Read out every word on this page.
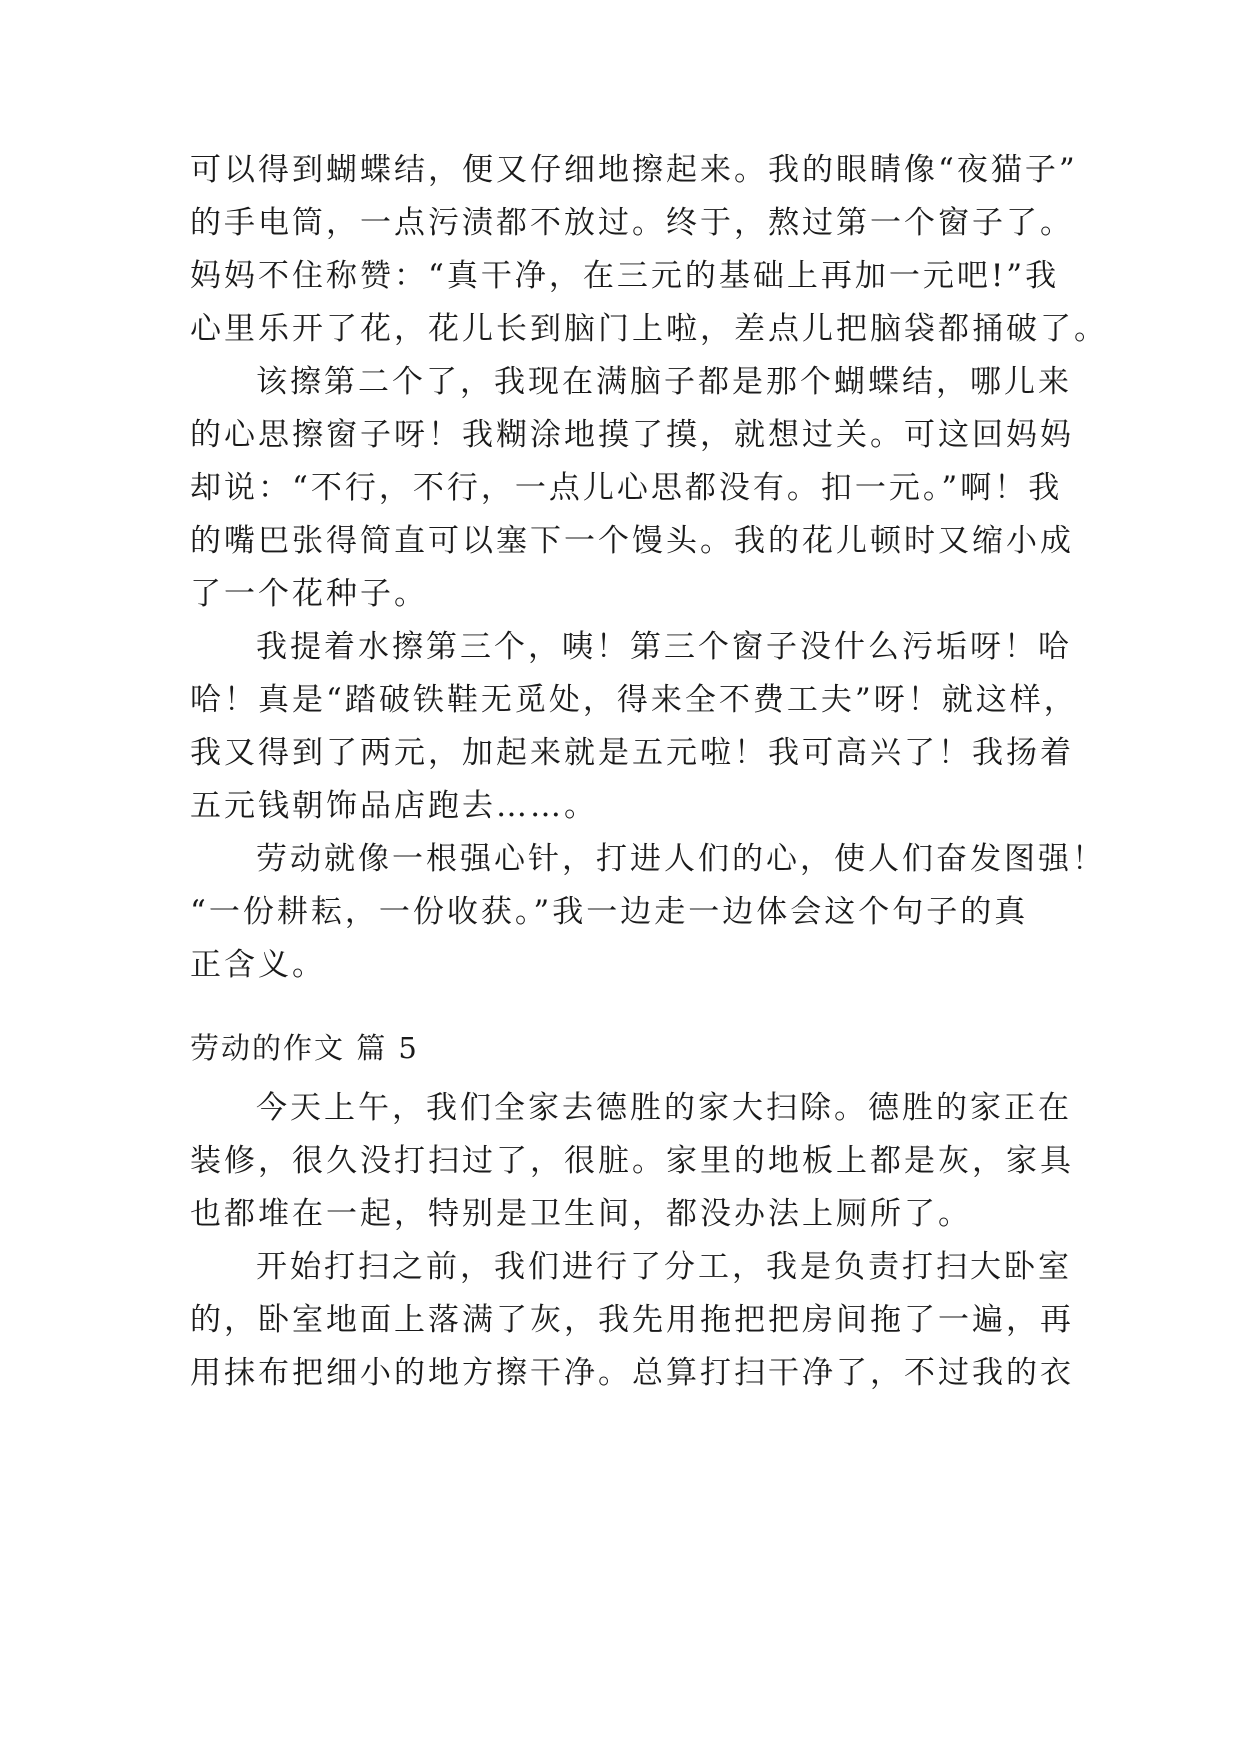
可以得到蝴蝶结，便又仔细地擦起来。我的眼睛像“夜猫子”
的手电筒，一点污渍都不放过。终于，熬过第一个窗子了。
妈妈不住称赞：“真干净，在三元的基础上再加一元吧!”我
心里乐开了花，花儿长到脑门上啦，差点儿把脑袋都捅破了。
该擦第二个了，我现在满脑子都是那个蝴蝶结，哪儿来
的心思擦窗子呀！我糊涂地摸了摸，就想过关。可这回妈妈
却说：“不行，不行，一点儿心思都没有。扣一元。”啊！我
的嘴巴张得简直可以塞下一个馒头。我的花儿顿时又缩小成
了一个花种子。
我提着水擦第三个，咦！第三个窗子没什么污垢呀！哈
哈！真是“踏破铁鞋无觅处，得来全不费工夫”呀！就这样，
我又得到了两元，加起来就是五元啦！我可高兴了！我扬着
五元钱朝饰品店跑去……。
劳动就像一根强心针，打进人们的心，使人们奋发图强！
“一份耕耘，一份收获。”我一边走一边体会这个句子的真
正含义。
劳动的作文 篇 5
今天上午，我们全家去德胜的家大扫除。德胜的家正在
装修，很久没打扫过了，很脏。家里的地板上都是灰，家具
也都堆在一起，特别是卫生间，都没办法上厕所了。
开始打扫之前，我们进行了分工，我是负责打扫大卧室
的，卧室地面上落满了灰，我先用拖把把房间拖了一遍，再
用抹布把细小的地方擦干净。总算打扫干净了，不过我的衣
